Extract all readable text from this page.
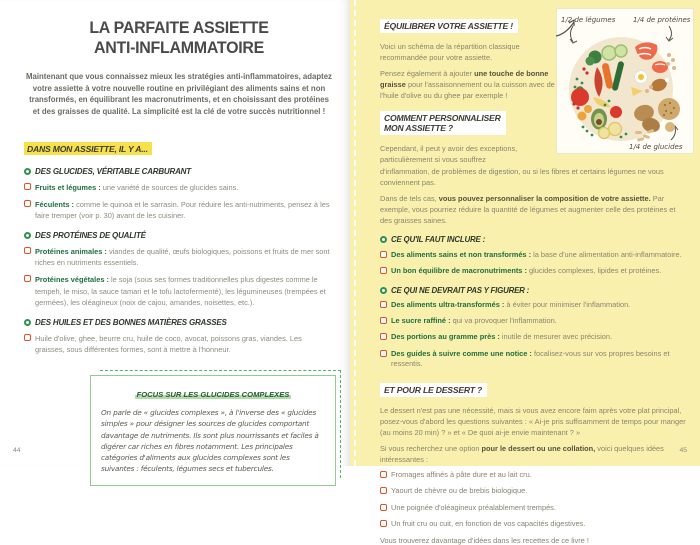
LA PARFAITE ASSIETTE
ANTI-INFLAMMATOIRE

Maintenant que vous connaissez mieux les stratégies anti-inflammatoires, adaptez votre assiette à votre nouvelle routine en privilégiant des aliments sains et non transformés, en équilibrant les macronutriments, et en choisissant des protéines et des graisses de qualité. La simplicité est la clé de votre succès nutritionnel !

DANS MON ASSIETTE, IL Y A...
DES GLUCIDES, VÉRITABLE CARBURANT
Fruits et légumes : une variété de sources de glucides sains.
Féculents : comme le quinoa et le sarrasin. Pour réduire les anti-nutriments, pensez à les faire tremper (voir p. 30) avant de les cuisiner.
DES PROTÉINES DE QUALITÉ
Protéines animales : viandes de qualité, œufs biologiques, poissons et fruits de mer sont riches en nutriments essentiels.
Protéines végétales : le soja (sous ses formes traditionnelles plus digestes comme le tempeh, le miso, la sauce tamari et le tofu lactofermenté), les légumineuses (trempées et germées), les oléagineux (noix de cajou, amandes, noisettes, etc.).
DES HUILES ET DES BONNES MATIÈRES GRASSES
Huile d'olive, ghee, beurre cru, huile de coco, avocat, poissons gras, viandes. Les graisses, sous différentes formes, sont à mettre à l'honneur.
FOCUS SUR LES GLUCIDES COMPLEXES

On parle de « glucides complexes », à l'inverse des « glucides simples » pour désigner les sources de glucides comportant davantage de nutriments. Ils sont plus nourrissants et faciles à digérer car riches en fibres notamment. Les principales catégories d'aliments aux glucides complexes sont les suivantes : féculents, légumes secs et tubercules.

44
1/2 de légumes	1/4 de protéines
1/4 de glucides
ÉQUILIBRER VOTRE ASSIETTE !

Voici un schéma de la répartition classique recommandée pour votre assiette.

Pensez également à ajouter une touche de bonne graisse pour l'assaisonnement ou la cuisson avec de l'huile d'olive ou du ghee par exemple !

COMMENT PERSONNALISER
MON ASSIETTE ?

Cependant, il peut y avoir des exceptions, particulièrement si vous souffrez d'inflammation, de problèmes de digestion, ou si les fibres et certains légumes ne vous conviennent pas.

Dans de tels cas, vous pouvez personnaliser la composition de votre assiette. Par exemple, vous pourriez réduire la quantité de légumes et augmenter celle des protéines et des graisses saines.

CE QU'IL FAUT INCLURE :
Des aliments sains et non transformés : la base d'une alimentation anti-inflammatoire.
Un bon équilibre de macronutriments : glucides complexes, lipides et protéines.
CE QUI NE DEVRAIT PAS Y FIGURER :
Des aliments ultra-transformés : à éviter pour minimiser l'inflammation.
Le sucre raffiné : qui va provoquer l'inflammation.
Des portions au gramme près : inutile de mesurer avec précision.
Des guides à suivre comme une notice : focalisez-vous sur vos propres besoins et ressentis.
ET POUR LE DESSERT ?

Le dessert n'est pas une nécessité, mais si vous avez encore faim après votre plat principal, posez-vous d'abord les questions suivantes : « Ai-je pris suffisamment de temps pour manger (au moins 20 min) ? » et « De quoi ai-je envie maintenant ? »

Si vous recherchez une option pour le dessert ou une collation, voici quelques idées intéressantes :

Fromages affinés à pâte dure et au lait cru.
Yaourt de chèvre ou de brebis biologique.
Une poignée d'oléagineux préalablement trempés.
Un fruit cru ou cuit, en fonction de vos capacités digestives.

Vous trouverez davantage d'idées dans les recettes de ce livre !

45
